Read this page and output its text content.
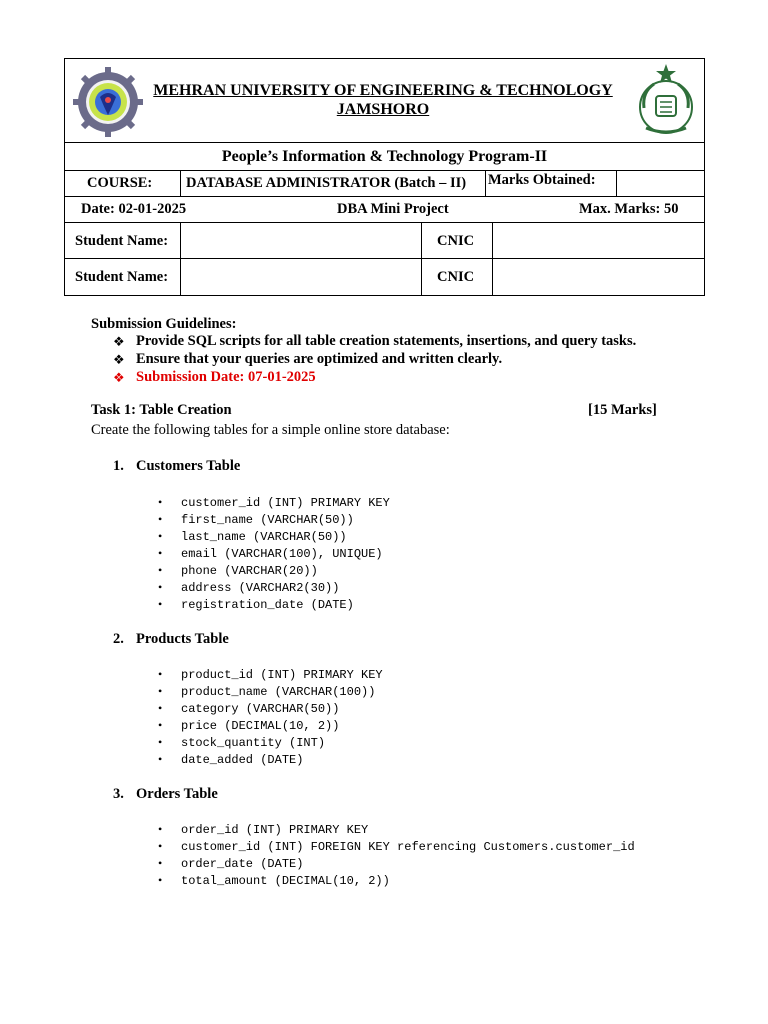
MEHRAN UNIVERSITY OF ENGINEERING & TECHNOLOGY
JAMSHORO
People’s Information & Technology Program-II
COURSE:	DATABASE ADMINISTRATOR (Batch – II)	Marks Obtained:
Date: 02-01-2025	DBA Mini Project	Max. Marks: 50
Student Name:	CNIC
Student Name:	CNIC
Submission Guidelines:
❖ Provide SQL scripts for all table creation statements, insertions, and query tasks.
❖ Ensure that your queries are optimized and written clearly.
❖ Submission Date: 07-01-2025
Task 1: Table Creation	[15 Marks]
Create the following tables for a simple online store database:
1. Customers Table
• customer_id (INT) PRIMARY KEY
• first_name (VARCHAR(50))
• last_name (VARCHAR(50))
• email (VARCHAR(100), UNIQUE)
• phone (VARCHAR(20))
• address (VARCHAR2(30))
• registration_date (DATE)
2. Products Table
• product_id (INT) PRIMARY KEY
• product_name (VARCHAR(100))
• category (VARCHAR(50))
• price (DECIMAL(10, 2))
• stock_quantity (INT)
• date_added (DATE)
3. Orders Table
• order_id (INT) PRIMARY KEY
• customer_id (INT) FOREIGN KEY referencing Customers.customer_id
• order_date (DATE)
• total_amount (DECIMAL(10, 2))
